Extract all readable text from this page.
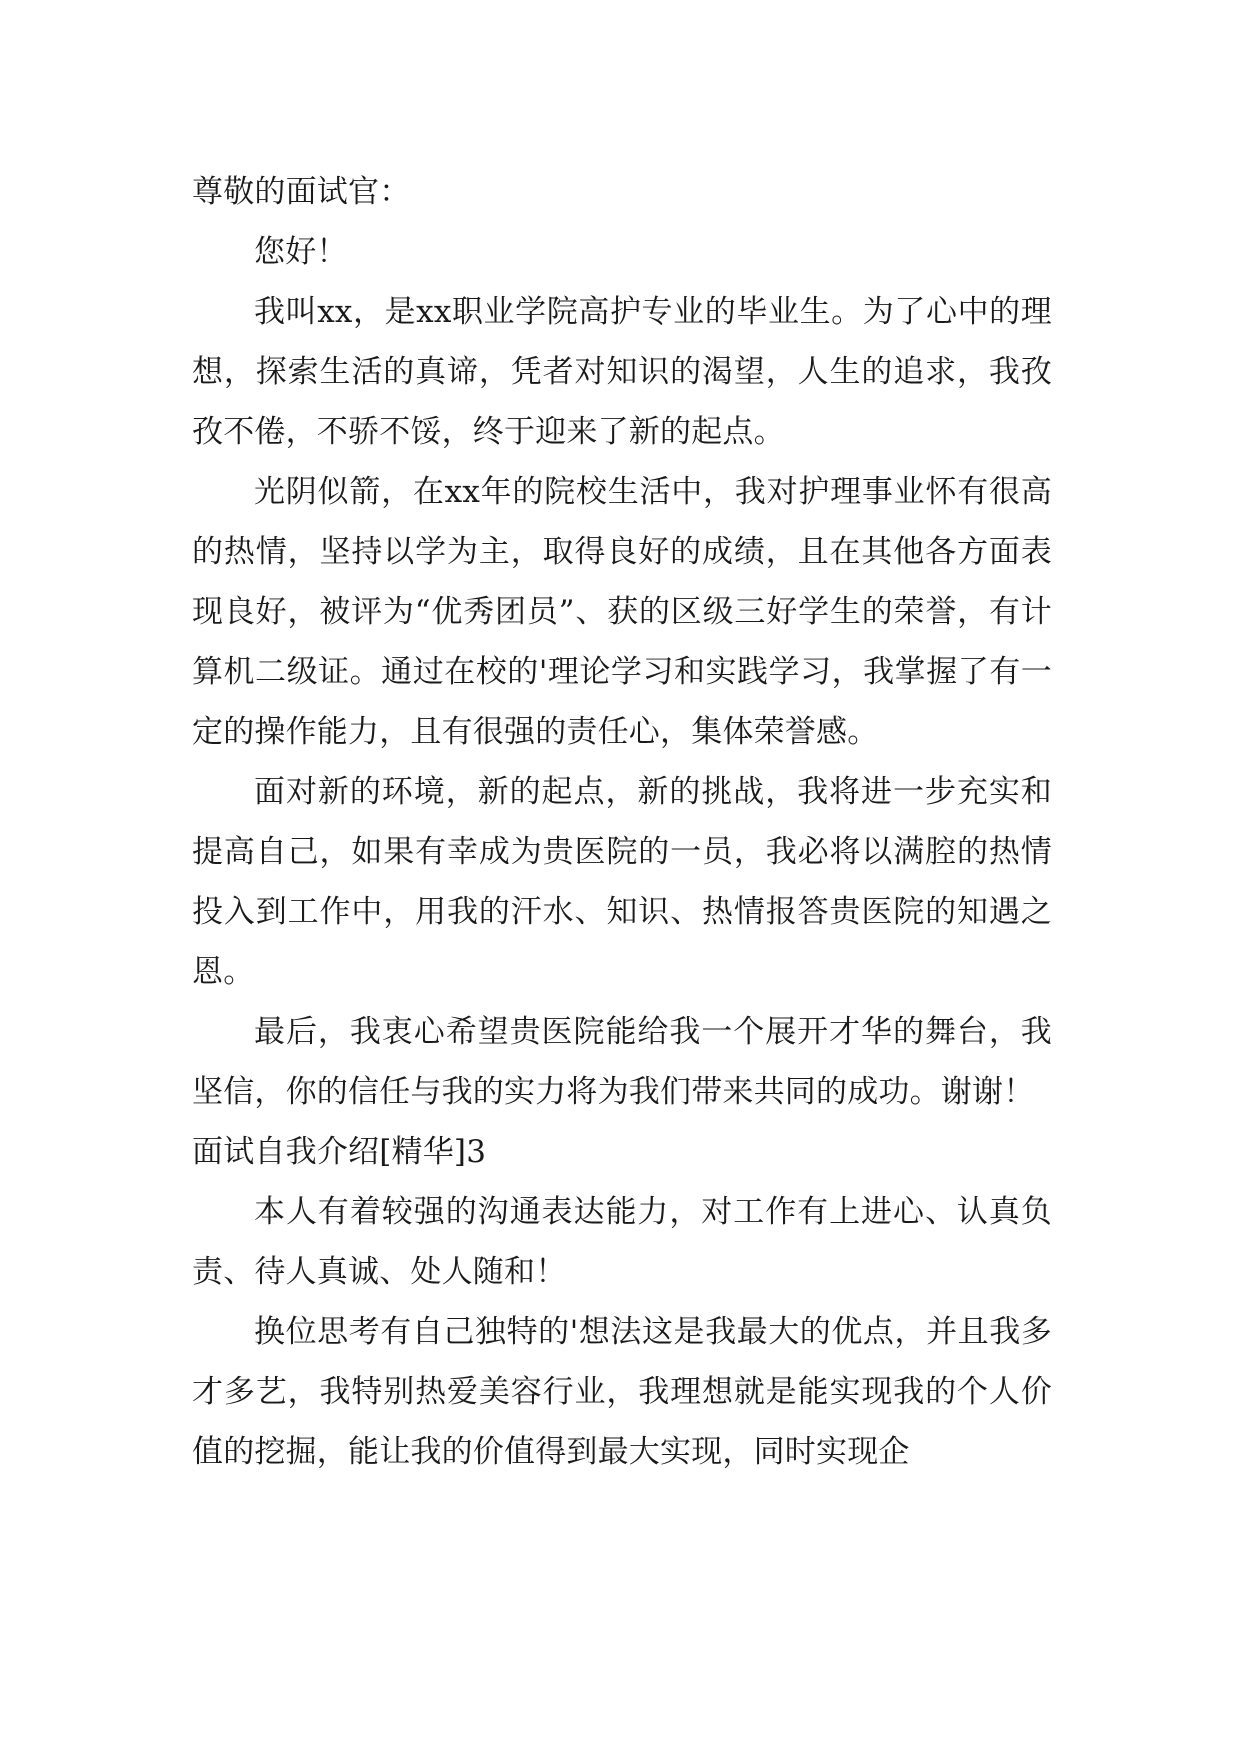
尊敬的面试官：

您好！

我叫xx，是xx职业学院高护专业的毕业生。为了心中的理想，探索生活的真谛，凭者对知识的渴望，人生的追求，我孜孜不倦，不骄不馁，终于迎来了新的起点。

光阴似箭，在xx年的院校生活中，我对护理事业怀有很高的热情，坚持以学为主，取得良好的成绩，且在其他各方面表现良好，被评为“优秀团员”、获的区级三好学生的荣誉，有计算机二级证。通过在校的'理论学习和实践学习，我掌握了有一定的操作能力，且有很强的责任心，集体荣誉感。

面对新的环境，新的起点，新的挑战，我将进一步充实和提高自己，如果有幸成为贵医院的一员，我必将以满腔的热情投入到工作中，用我的汗水、知识、热情报答贵医院的知遇之恩。

最后，我衷心希望贵医院能给我一个展开才华的舞台，我坚信，你的信任与我的实力将为我们带来共同的成功。谢谢！

面试自我介绍[精华]3

本人有着较强的沟通表达能力，对工作有上进心、认真负责、待人真诚、处人随和！

换位思考有自己独特的'想法这是我最大的优点，并且我多才多艺，我特别热爱美容行业，我理想就是能实现我的个人价值的挖掘，能让我的价值得到最大实现，同时实现企
